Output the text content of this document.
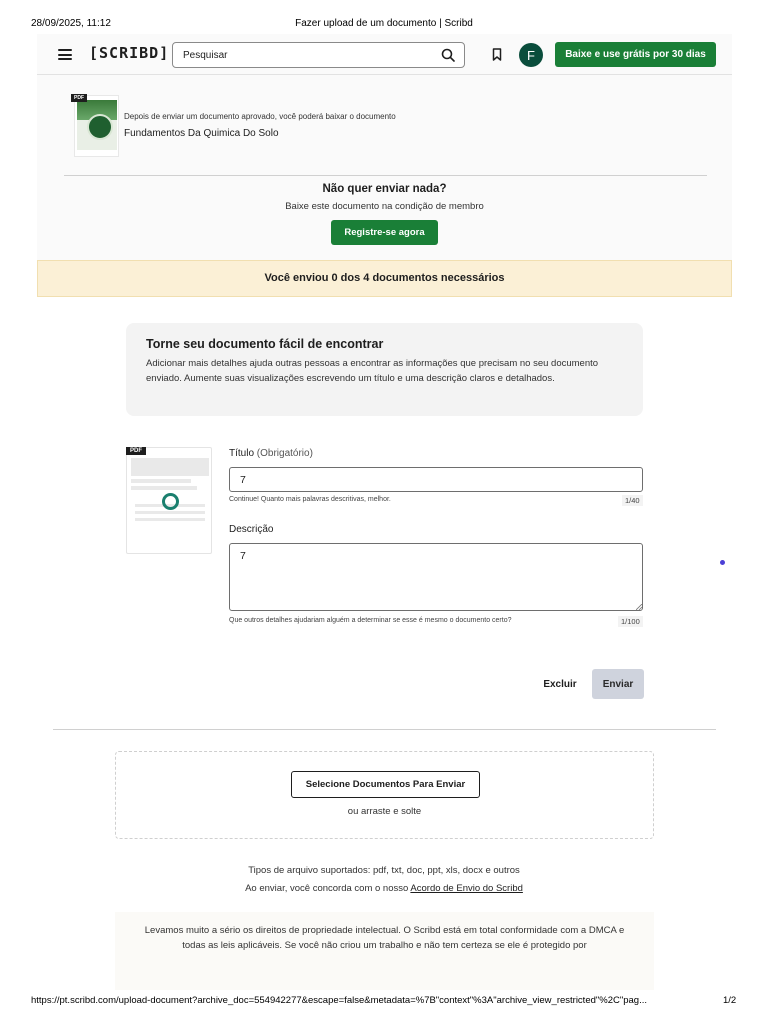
28/09/2025, 11:12	Fazer upload de um documento | Scribd
[SCRIBD]
Pesquisar	F	Baixe e use grátis por 30 dias
PDF
Depois de enviar um documento aprovado, você poderá baixar o documento
Fundamentos Da Quimica Do Solo
Não quer enviar nada?
Baixe este documento na condição de membro
Registre-se agora
Você enviou 0 dos 4 documentos necessários
Torne seu documento fácil de encontrar
Adicionar mais detalhes ajuda outras pessoas a encontrar as informações que precisam no seu documento enviado. Aumente suas visualizações escrevendo um título e uma descrição claros e detalhados.
PDF	Título (Obrigatório)
7
Continue! Quanto mais palavras descritivas, melhor.	1/40
Descrição
7
Que outros detalhes ajudariam alguém a determinar se esse é mesmo o documento certo?	1/100
Excluir	Enviar
Selecione Documentos Para Enviar
ou arraste e solte
Tipos de arquivo suportados: pdf, txt, doc, ppt, xls, docx e outros
Ao enviar, você concorda com o nosso Acordo de Envio do Scribd
Levamos muito a sério os direitos de propriedade intelectual. O Scribd está em total conformidade com a DMCA e todas as leis aplicáveis. Se você não criou um trabalho e não tem certeza se ele é protegido por
https://pt.scribd.com/upload-document?archive_doc=554942277&escape=false&metadata=%7B"context"%3A"archive_view_restricted"%2C"pag...	1/2
